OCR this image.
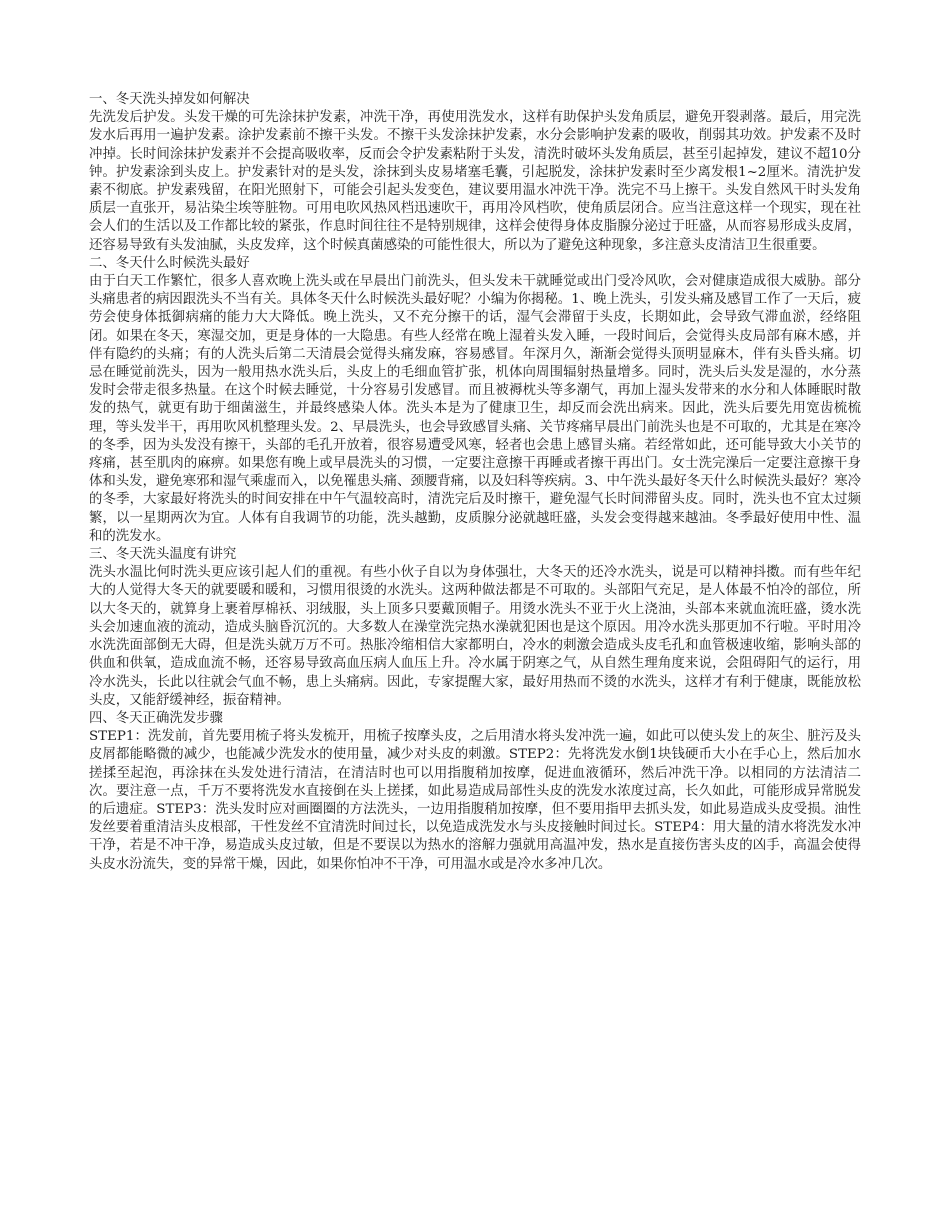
一、冬天洗头掉发如何解决

先洗发后护发。头发干燥的可先涂抹护发素，冲洗干净，再使用洗发水，这样有助保护头发角质层，避免开裂剥落。最后，用完洗发水后再用一遍护发素。涂护发素前不擦干头发。不擦干头发涂抹护发素，水分会影响护发素的吸收，削弱其功效。护发素不及时冲掉。长时间涂抹护发素并不会提高吸收率，反而会令护发素粘附于头发，清洗时破坏头发角质层，甚至引起掉发，建议不超10分钟。护发素涂到头皮上。护发素针对的是头发，涂抹到头皮易堵塞毛囊，引起脱发，涂抹护发素时至少离发根1~2厘米。清洗护发素不彻底。护发素残留，在阳光照射下，可能会引起头发变色，建议要用温水冲洗干净。洗完不马上擦干。头发自然风干时头发角质层一直张开，易沾染尘埃等脏物。可用电吹风热风档迅速吹干，再用冷风档吹，使角质层闭合。应当注意这样一个现实，现在社会人们的生活以及工作都比较的紧张，作息时间往往不是特别规律，这样会使得身体皮脂腺分泌过于旺盛，从而容易形成头皮屑，还容易导致有头发油腻，头皮发痒，这个时候真菌感染的可能性很大，所以为了避免这种现象，多注意头皮清洁卫生很重要。

二、冬天什么时候洗头最好

由于白天工作繁忙，很多人喜欢晚上洗头或在早晨出门前洗头，但头发未干就睡觉或出门受冷风吹，会对健康造成很大威胁。部分头痛患者的病因跟洗头不当有关。具体冬天什么时候洗头最好呢？小编为你揭秘。1、晚上洗头，引发头痛及感冒工作了一天后，疲劳会使身体抵御病痛的能力大大降低。晚上洗头，又不充分擦干的话，湿气会滞留于头皮，长期如此，会导致气滞血淤，经络阻闭。如果在冬天，寒湿交加，更是身体的一大隐患。有些人经常在晚上湿着头发入睡，一段时间后，会觉得头皮局部有麻木感，并伴有隐约的头痛；有的人洗头后第二天清晨会觉得头痛发麻，容易感冒。年深月久，渐渐会觉得头顶明显麻木，伴有头昏头痛。切忌在睡觉前洗头，因为一般用热水洗头后，头皮上的毛细血管扩张，机体向周围辐射热量增多。同时，洗头后头发是湿的，水分蒸发时会带走很多热量。在这个时候去睡觉，十分容易引发感冒。而且被褥枕头等多潮气，再加上湿头发带来的水分和人体睡眠时散发的热气，就更有助于细菌滋生，并最终感染人体。洗头本是为了健康卫生，却反而会洗出病来。因此，洗头后要先用宽齿梳梳理，等头发半干，再用吹风机整理头发。2、早晨洗头，也会导致感冒头痛、关节疼痛早晨出门前洗头也是不可取的，尤其是在寒冷的冬季，因为头发没有擦干，头部的毛孔开放着，很容易遭受风寒，轻者也会患上感冒头痛。若经常如此，还可能导致大小关节的疼痛，甚至肌肉的麻痹。如果您有晚上或早晨洗头的习惯，一定要注意擦干再睡或者擦干再出门。女士洗完澡后一定要注意擦干身体和头发，避免寒邪和湿气乘虚而入，以免罹患头痛、颈腰背痛，以及妇科等疾病。3、中午洗头最好冬天什么时候洗头最好？寒冷的冬季，大家最好将洗头的时间安排在中午气温较高时，清洗完后及时擦干，避免湿气长时间滞留头皮。同时，洗头也不宜太过频繁，以一星期两次为宜。人体有自我调节的功能，洗头越勤，皮质腺分泌就越旺盛，头发会变得越来越油。冬季最好使用中性、温和的洗发水。

三、冬天洗头温度有讲究

洗头水温比何时洗头更应该引起人们的重视。有些小伙子自以为身体强壮，大冬天的还冷水洗头，说是可以精神抖擞。而有些年纪大的人觉得大冬天的就要暖和暖和，习惯用很烫的水洗头。这两种做法都是不可取的。头部阳气充足，是人体最不怕冷的部位，所以大冬天的，就算身上裹着厚棉袄、羽绒服，头上顶多只要戴顶帽子。用烫水洗头不亚于火上浇油，头部本来就血流旺盛，烫水洗头会加速血液的流动，造成头脑昏沉沉的。大多数人在澡堂洗完热水澡就犯困也是这个原因。用冷水洗头那更加不行啦。平时用冷水洗洗面部倒无大碍，但是洗头就万万不可。热胀冷缩相信大家都明白，冷水的刺激会造成头皮毛孔和血管极速收缩，影响头部的供血和供氧，造成血流不畅，还容易导致高血压病人血压上升。冷水属于阴寒之气，从自然生理角度来说，会阻碍阳气的运行，用冷水洗头，长此以往就会气血不畅，患上头痛病。因此，专家提醒大家，最好用热而不烫的水洗头，这样才有利于健康，既能放松头皮，又能舒缓神经，振奋精神。

四、冬天正确洗发步骤

STEP1：洗发前，首先要用梳子将头发梳开，用梳子按摩头皮，之后用清水将头发冲洗一遍，如此可以使头发上的灰尘、脏污及头皮屑都能略微的减少，也能减少洗发水的使用量，减少对头皮的刺激。STEP2：先将洗发水倒1块钱硬币大小在手心上，然后加水搓揉至起泡，再涂抹在头发处进行清洁，在清洁时也可以用指腹稍加按摩，促进血液循环，然后冲洗干净。以相同的方法清洁二次。要注意一点，千万不要将洗发水直接倒在头上搓揉，如此易造成局部性头皮的洗发水浓度过高，长久如此，可能形成异常脱发的后遗症。STEP3：洗头发时应对画圈圈的方法洗头，一边用指腹稍加按摩，但不要用指甲去抓头发，如此易造成头皮受损。油性发丝要着重清洁头皮根部，干性发丝不宜清洗时间过长，以免造成洗发水与头皮接触时间过长。STEP4：用大量的清水将洗发水冲干净，若是不冲干净，易造成头皮过敏，但是不要误以为热水的溶解力强就用高温冲发，热水是直接伤害头皮的凶手，高温会使得头皮水汾流失，变的异常干燥，因此，如果你怕冲不干净，可用温水或是冷水多冲几次。
